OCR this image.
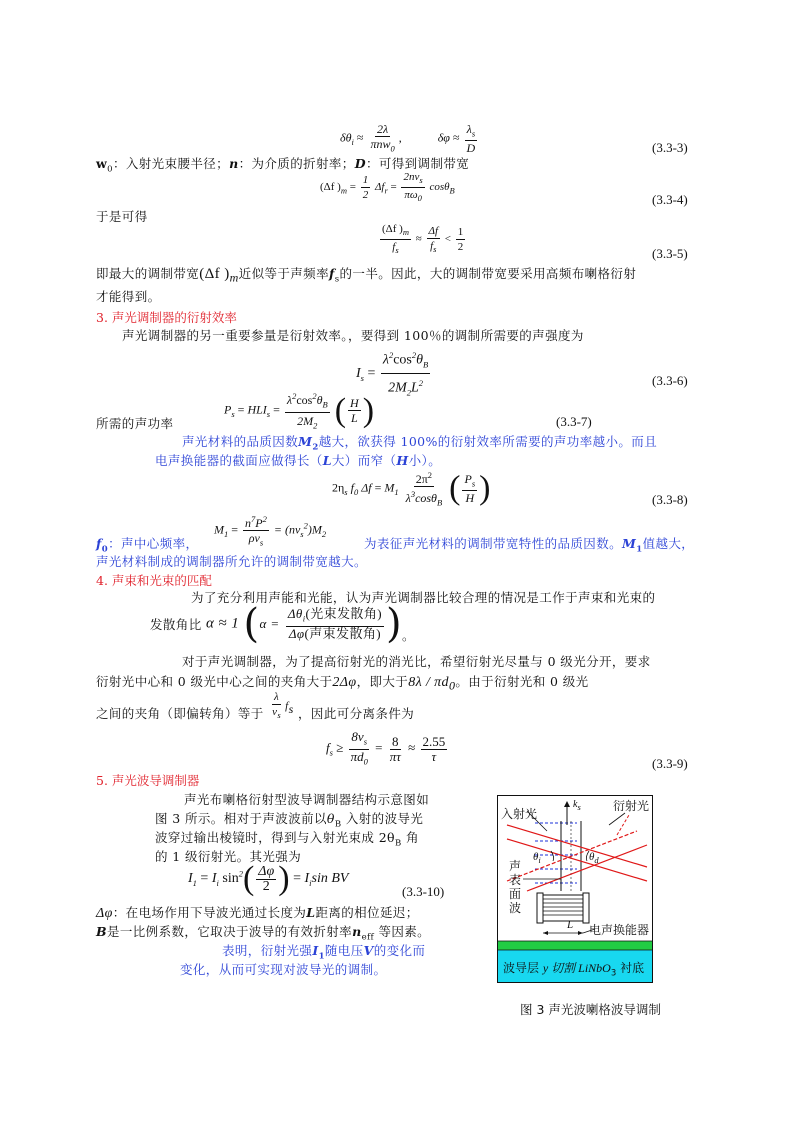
$\delta\theta_i \approx \frac{2\lambda}{\pi nw_0}$ ,	$\delta\varphi \approx \frac{\lambda_s}{D}$	(3.3-3)
$w_0$：入射光束腰半径；n：为介质的折射率；D：可得到调制带宽
(Δf )$_m = \frac{1}{2} \Delta f_r = \frac{2nv_s}{\pi\omega_0} \cos\theta_B$
(3.3-4)
于是可得
$\frac{(\Delta f )_m}{f_s} \approx \frac{\Delta f}{f_s} < \frac{1}{2}$	(3.3-5)
即最大的调制带宽(Δf )$_m$近似等于声频率$f_s$的一半。因此，大的调制带宽要采用高频布喇格衍射
才能得到。
3. 声光调制器的衍射效率
声光调制器的另一重要参量是衍射效率。，要得到 100％的调制所需要的声强度为
$I_s = \frac{\lambda^2\cos^2\theta_B}{2M_2L^2}$	(3.3-6)
所需的声功率
$P_s = HLI_s = \frac{\lambda^2\cos^2\theta_B}{2M_2}$ ( $\frac{H}{L}$ )	(3.3-7)
声光材料的品质因数$M_2$越大，欲获得 100%的衍射效率所需要的声功率越小。而且
电声换能器的截面应做得长（L大）而窄（H小）。
$2\eta_s$ $f_0$ $\Delta f = M_1 \frac{2\pi^2}{\lambda^3\cos\theta_B}$ ( $\frac{P_s}{H}$ )	(3.3-8)
$f_0$：声中心频率，
$M_1 = \frac{n^7P^2}{\rho v_s} = (nv_s^2)M_2$
为表征声光材料的调制带宽特性的品质因数。$M_1$值越大，
声光材料制成的调制器所允许的调制带宽越大。
4. 声束和光束的匹配
为了充分利用声能和光能，认为声光调制器比较合理的情况是工作于声束和光束的
发散角比 α ≈ 1 ($\alpha = \frac{\Delta\theta_i(光束发散角)}{\text{Δφ(声束发散角)}}$ )。
对于声光调制器，为了提高衍射光的消光比，希望衍射光尽量与 0 级光分开，要求
衍射光中心和 0 级光中心之间的夹角大于2Δφ，即大于$8\lambda / \pi d_0$。由于衍射光和 0 级光
之间的夹角（即偏转角）等于 $\frac{\lambda}{v_s} f_s$ ，因此可分离条件为
$f_s \ge \frac{8v_s}{\pi d_0} = \frac{8}{\pi\tau} \approx \frac{2.55}{\tau}$	(3.3-9)
5. 声光波导调制器
声光布喇格衍射型波导调制器结构示意图如
图 3 所示。相对于声波波前以$\theta_B$ 入射的波导光
波穿过输出棱镜时，得到与入射光束成 $2\theta_B$ 角
的 1 级衍射光。其光强为
$I_1 = I_i$ $\sin^2( \frac{\Delta\varphi}{2}$ ) = $I_i\sin$ BV
(3.3-10)
Δφ：在电场作用下导波光通过长度为L距离的相位延迟；
B是一比例系数，它取决于波导的有效折射率$n_{eff}$ 等因素。
表明，衍射光强$I_1$随电压V的变化而
变化，从而可实现对波导光的调制。
入射光
衍射光
$k_s$
$\theta_i$	$\theta_d$
声
表
面
波
L 电声换能器
波导层 y 切割 LiNbO$_3$ 衬底
图 3 声光波喇格波导调制
